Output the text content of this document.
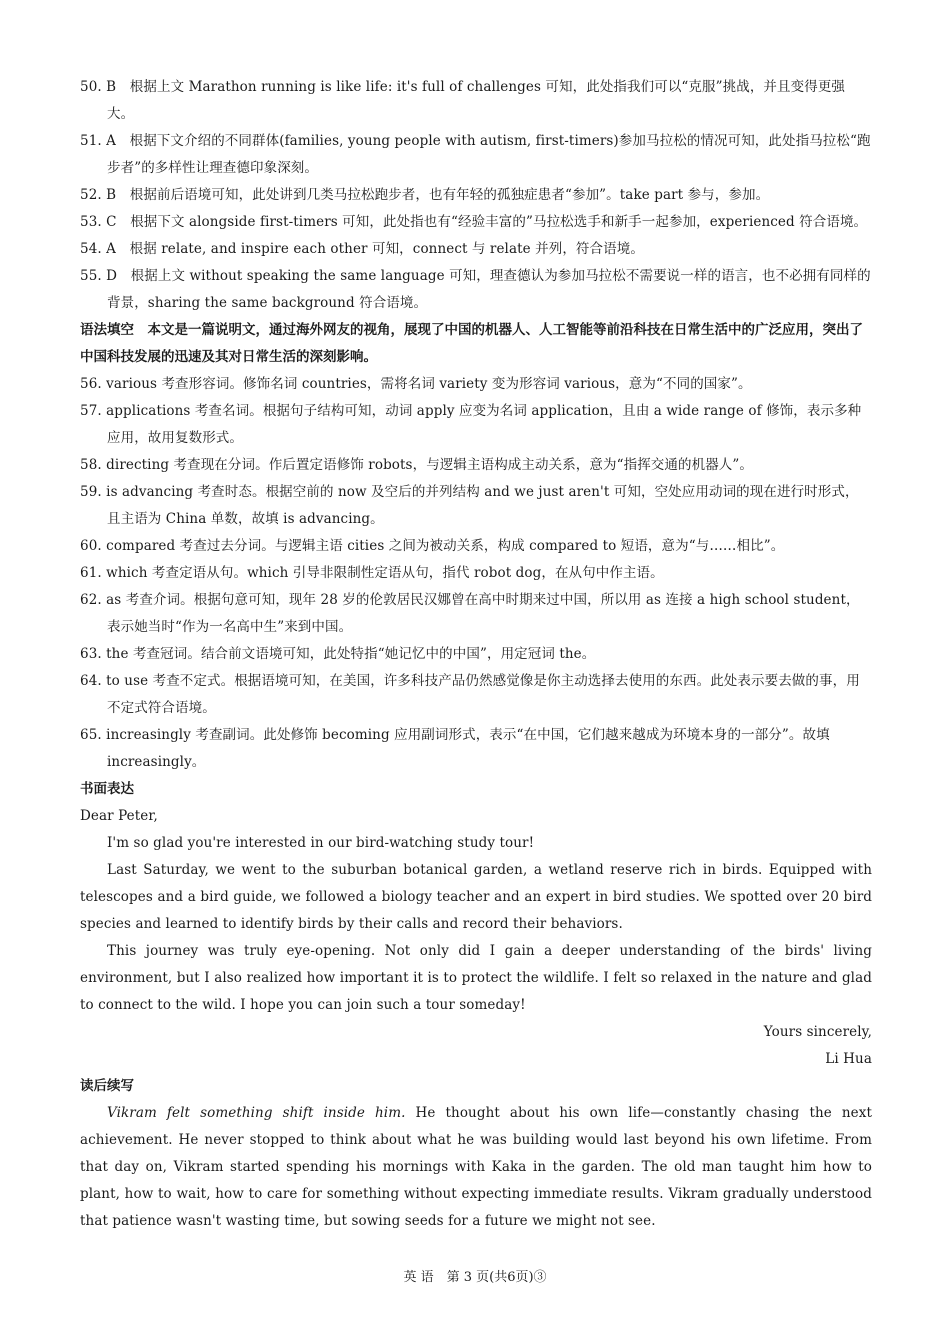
50. B　根据上文 Marathon running is like life: it's full of challenges 可知，此处指我们可以“克服”挑战，并且变得更强大。
51. A　根据下文介绍的不同群体(families, young people with autism, first-timers)参加马拉松的情况可知，此处指马拉松“跑步者”的多样性让理查德印象深刻。
52. B　根据前后语境可知，此处讲到几类马拉松跑步者，也有年轻的孤独症患者“参加”。take part 参与，参加。
53. C　根据下文 alongside first-timers 可知，此处指也有“经验丰富的”马拉松选手和新手一起参加，experienced 符合语境。
54. A　根据 relate, and inspire each other 可知，connect 与 relate 并列，符合语境。
55. D　根据上文 without speaking the same language 可知，理查德认为参加马拉松不需要说一样的语言，也不必拥有同样的背景，sharing the same background 符合语境。
语法填空　本文是一篇说明文，通过海外网友的视角，展现了中国的机器人、人工智能等前沿科技在日常生活中的广泛应用，突出了中国科技发展的迅速及其对日常生活的深刻影响。
56. various 考查形容词。修饰名词 countries，需将名词 variety 变为形容词 various，意为“不同的国家”。
57. applications 考查名词。根据句子结构可知，动词 apply 应变为名词 application，且由 a wide range of 修饰，表示多种应用，故用复数形式。
58. directing 考查现在分词。作后置定语修饰 robots，与逻辑主语构成主动关系，意为“指挥交通的机器人”。
59. is advancing 考查时态。根据空前的 now 及空后的并列结构 and we just aren't 可知，空处应用动词的现在进行时形式，且主语为 China 单数，故填 is advancing。
60. compared 考查过去分词。与逻辑主语 cities 之间为被动关系，构成 compared to 短语，意为“与……相比”。
61. which 考查定语从句。which 引导非限制性定语从句，指代 robot dog，在从句中作主语。
62. as 考查介词。根据句意可知，现年 28 岁的伦敦居民汉娜曾在高中时期来过中国，所以用 as 连接 a high school student，表示她当时“作为一名高中生”来到中国。
63. the 考查冠词。结合前文语境可知，此处特指“她记忆中的中国”，用定冠词 the。
64. to use 考查不定式。根据语境可知，在美国，许多科技产品仍然感觉像是你主动选择去使用的东西。此处表示要去做的事，用不定式符合语境。
65. increasingly 考查副词。此处修饰 becoming 应用副词形式，表示“在中国，它们越来越成为环境本身的一部分”。故填 increasingly。
书面表达
Dear Peter,
I'm so glad you're interested in our bird-watching study tour!
Last Saturday, we went to the suburban botanical garden, a wetland reserve rich in birds. Equipped with telescopes and a bird guide, we followed a biology teacher and an expert in bird studies. We spotted over 20 bird species and learned to identify birds by their calls and record their behaviors.
This journey was truly eye-opening. Not only did I gain a deeper understanding of the birds' living environment, but I also realized how important it is to protect the wildlife. I felt so relaxed in the nature and glad to connect to the wild. I hope you can join such a tour someday!
Yours sincerely,
Li Hua
读后续写
Vikram felt something shift inside him. He thought about his own life—constantly chasing the next achievement. He never stopped to think about what he was building would last beyond his own lifetime. From that day on, Vikram started spending his mornings with Kaka in the garden. The old man taught him how to plant, how to wait, how to care for something without expecting immediate results. Vikram gradually understood that patience wasn't wasting time, but sowing seeds for a future we might not see.
英 语　第 3 页(共6页)③
